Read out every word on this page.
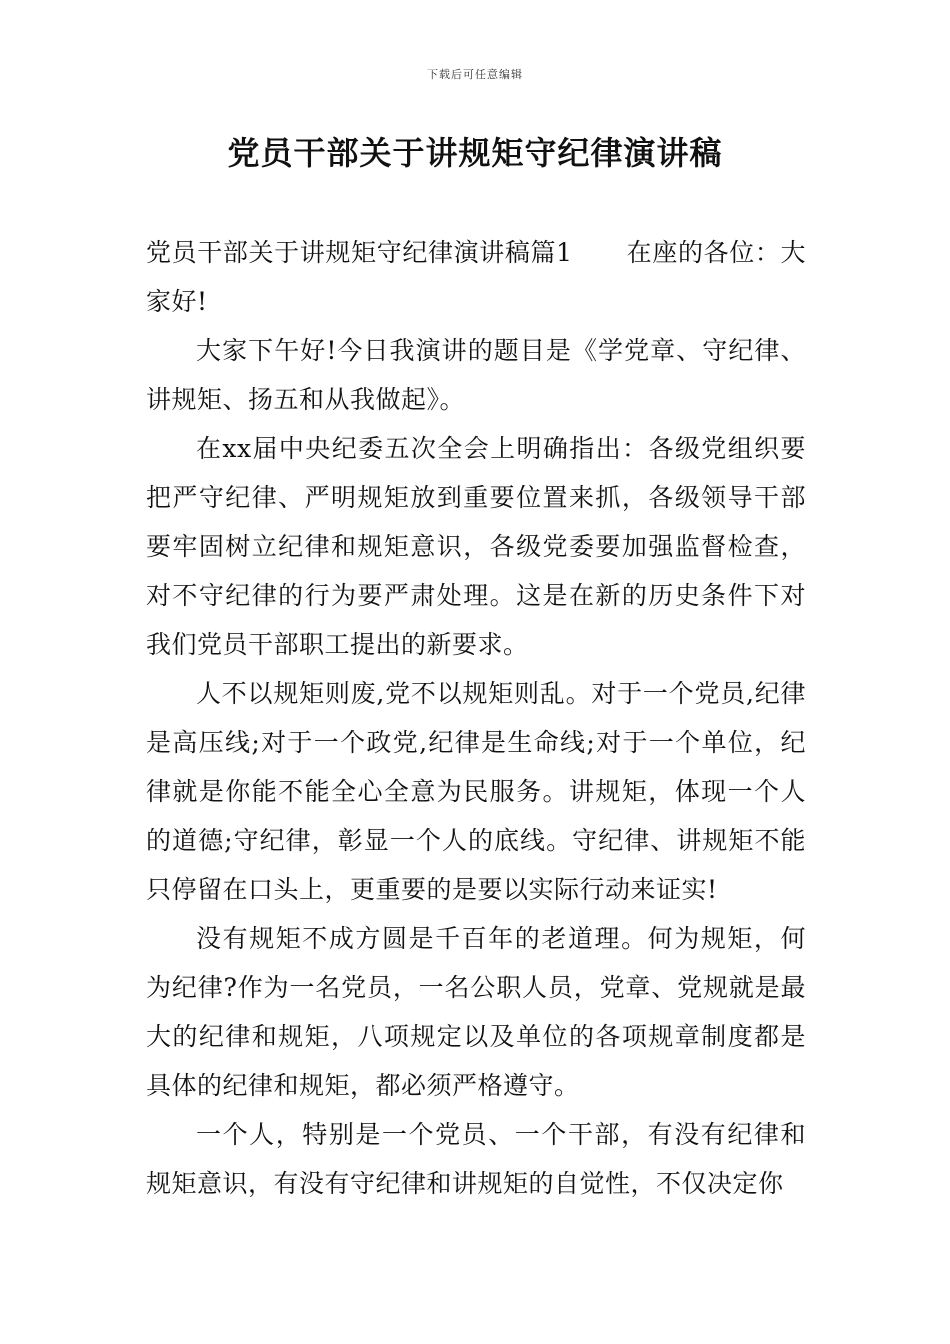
下载后可任意编辑
党员干部关于讲规矩守纪律演讲稿

党员干部关于讲规矩守纪律演讲稿篇1 在座的各位：大家好!

大家下午好!今日我演讲的题目是《学党章、守纪律、讲规矩、扬五和从我做起》。

在xx届中央纪委五次全会上明确指出：各级党组织要把严守纪律、严明规矩放到重要位置来抓，各级领导干部要牢固树立纪律和规矩意识，各级党委要加强监督检查，对不守纪律的行为要严肃处理。这是在新的历史条件下对我们党员干部职工提出的新要求。

人不以规矩则废,党不以规矩则乱。对于一个党员,纪律是高压线;对于一个政党,纪律是生命线;对于一个单位，纪律就是你能不能全心全意为民服务。讲规矩，体现一个人的道德;守纪律，彰显一个人的底线。守纪律、讲规矩不能只停留在口头上，更重要的是要以实际行动来证实!

没有规矩不成方圆是千百年的老道理。何为规矩，何为纪律?作为一名党员，一名公职人员，党章、党规就是最大的纪律和规矩，八项规定以及单位的各项规章制度都是具体的纪律和规矩，都必须严格遵守。

一个人，特别是一个党员、一个干部，有没有纪律和规矩意识，有没有守纪律和讲规矩的自觉性，不仅决定你
